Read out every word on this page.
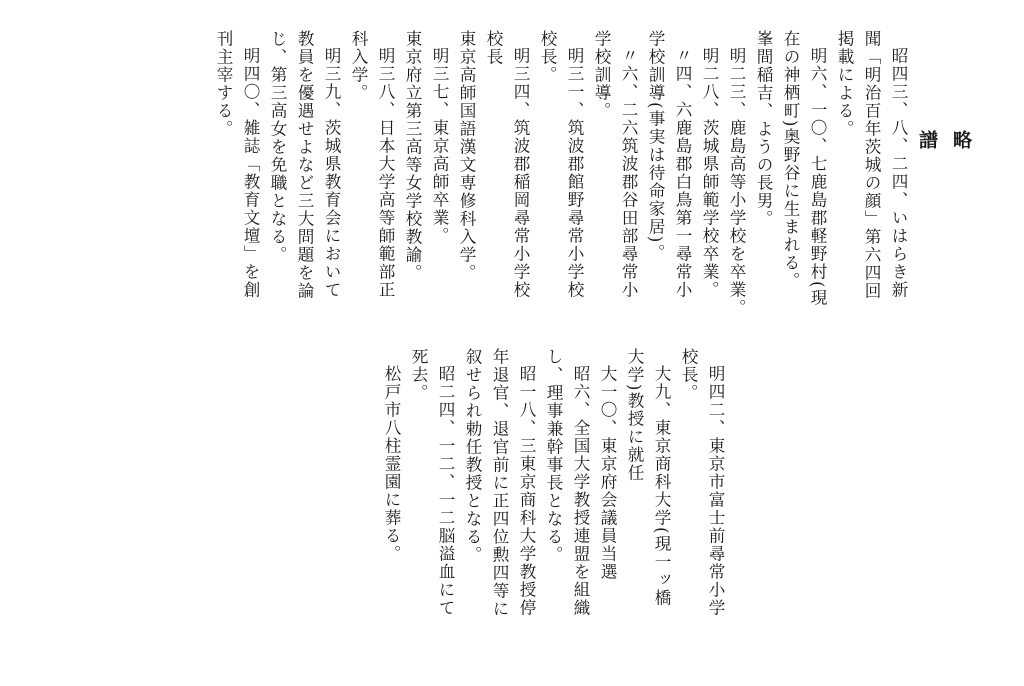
略　譜
昭四三、八、二四、いはらき新
聞「明治百年茨城の顔」第六四回
掲載による。
明六、一〇、七鹿島郡軽野村(現
在の神栖町)奥野谷に生まれる。
峯間稲吉、ようの長男。
明二三、鹿島高等小学校を卒業。
明二八、茨城県師範学校卒業。
〃四、六鹿島郡白鳥第一尋常小
学校訓導(事実は待命家居)。
〃六、二六筑波郡谷田部尋常小
学校訓導。
明三一、筑波郡館野尋常小学校
校長。
明三四、筑波郡稲岡尋常小学校
校長
東京高師国語漢文専修科入学。
明三七、東京高師卒業。
東京府立第三高等女学校教諭。
明三八、日本大学高等師範部正
科入学。
明三九、茨城県教育会において
教員を優遇せよなど三大問題を論
じ、第三高女を免職となる。
明四〇、雑誌「教育文壇」を創
刊主宰する。
明四二、東京市富士前尋常小学
校長。
大九、東京商科大学(現一ッ橋
大学)教授に就任
大一〇、東京府会議員当選
昭六、全国大学教授連盟を組織
し、理事兼幹事長となる。
昭一八、三東京商科大学教授停
年退官、退官前に正四位勲四等に
叙せられ勅任教授となる。
昭二四、一二、一二脳溢血にて
死去。
松戸市八柱霊園に葬る。
